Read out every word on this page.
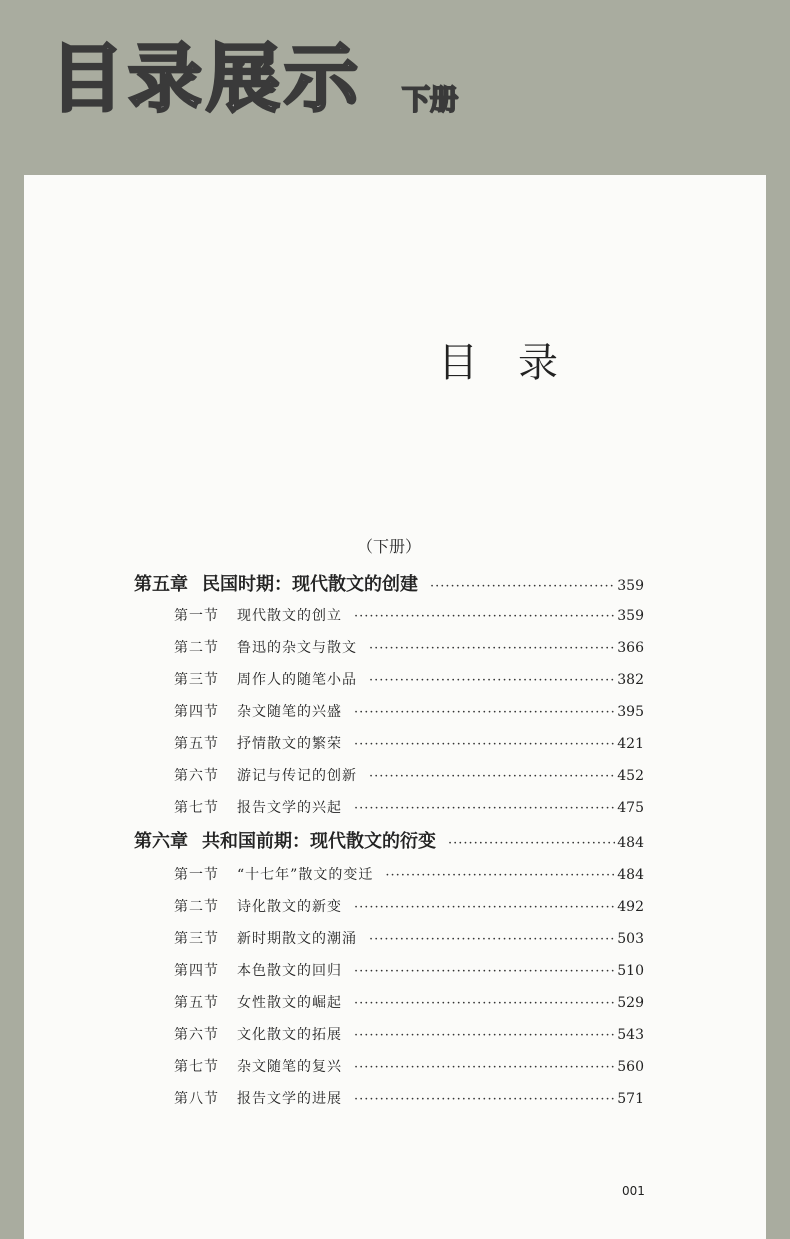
目录展示 下册
目录
（下册）
第五章 民国时期：现代散文的创建 ·····	359
第一节 现代散文的创立 ·····	359
第二节 鲁迅的杂文与散文 ·····	366
第三节 周作人的随笔小品 ·····	382
第四节 杂文随笔的兴盛 ·····	395
第五节 抒情散文的繁荣 ·····	421
第六节 游记与传记的创新 ·····	452
第七节 报告文学的兴起 ·····	475
第六章 共和国前期：现代散文的衍变 ·····	484
第一节 “十七年”散文的变迁 ·····	484
第二节 诗化散文的新变 ·····	492
第三节 新时期散文的潮涌 ·····	503
第四节 本色散文的回归 ·····	510
第五节 女性散文的崛起 ·····	529
第六节 文化散文的拓展 ·····	543
第七节 杂文随笔的复兴 ·····	560
第八节 报告文学的进展 ·····	571
001
